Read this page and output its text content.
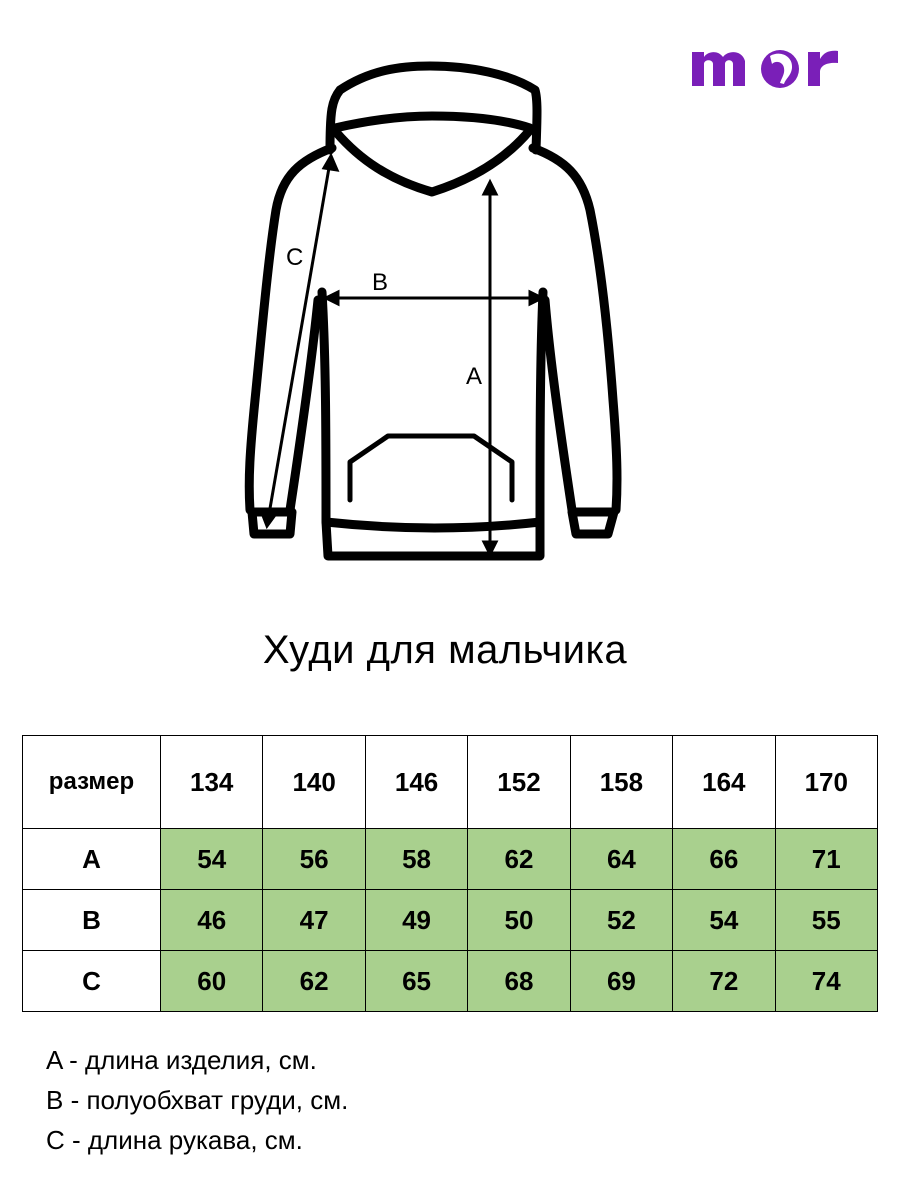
C
B
A
Худи для мальчика
размер	134	140	146	152	158	164	170
A	54	56	58	62	64	66	71
B	46	47	49	50	52	54	55
C	60	62	65	68	69	72	74
A - длина изделия, см.
B - полуобхват груди, см.
C - длина рукава, см.
